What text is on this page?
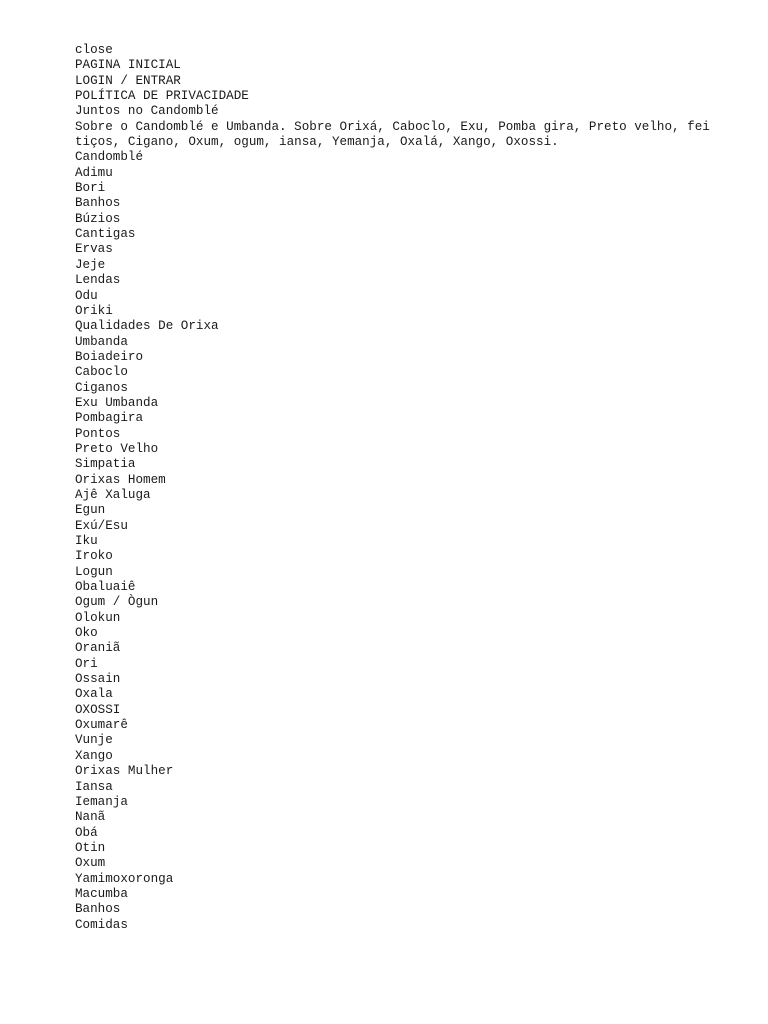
close
PAGINA INICIAL
LOGIN / ENTRAR
POLÍTICA DE PRIVACIDADE
Juntos no Candomblé
Sobre o Candomblé e Umbanda. Sobre Orixá, Caboclo, Exu, Pomba gira, Preto velho, fei
tiços, Cigano, Oxum, ogum, iansa, Yemanja, Oxalá, Xango, Oxossi.
Candomblé
Adimu
Bori
Banhos
Búzios
Cantigas
Ervas
Jeje
Lendas
Odu
Oriki
Qualidades De Orixa
Umbanda
Boiadeiro
Caboclo
Ciganos
Exu Umbanda
Pombagira
Pontos
Preto Velho
Simpatia
Orixas Homem
Ajê Xaluga
Egun
Exú/Esu
Iku
Iroko
Logun
Obaluaiê
Ogum / Ògun
Olokun
Oko
Oraniã
Ori
Ossain
Oxala
OXOSSI
Oxumarê
Vunje
Xango
Orixas Mulher
Iansa
Iemanja
Nanã
Obá
Otin
Oxum
Yamimoxoronga
Macumba
Banhos
Comidas
